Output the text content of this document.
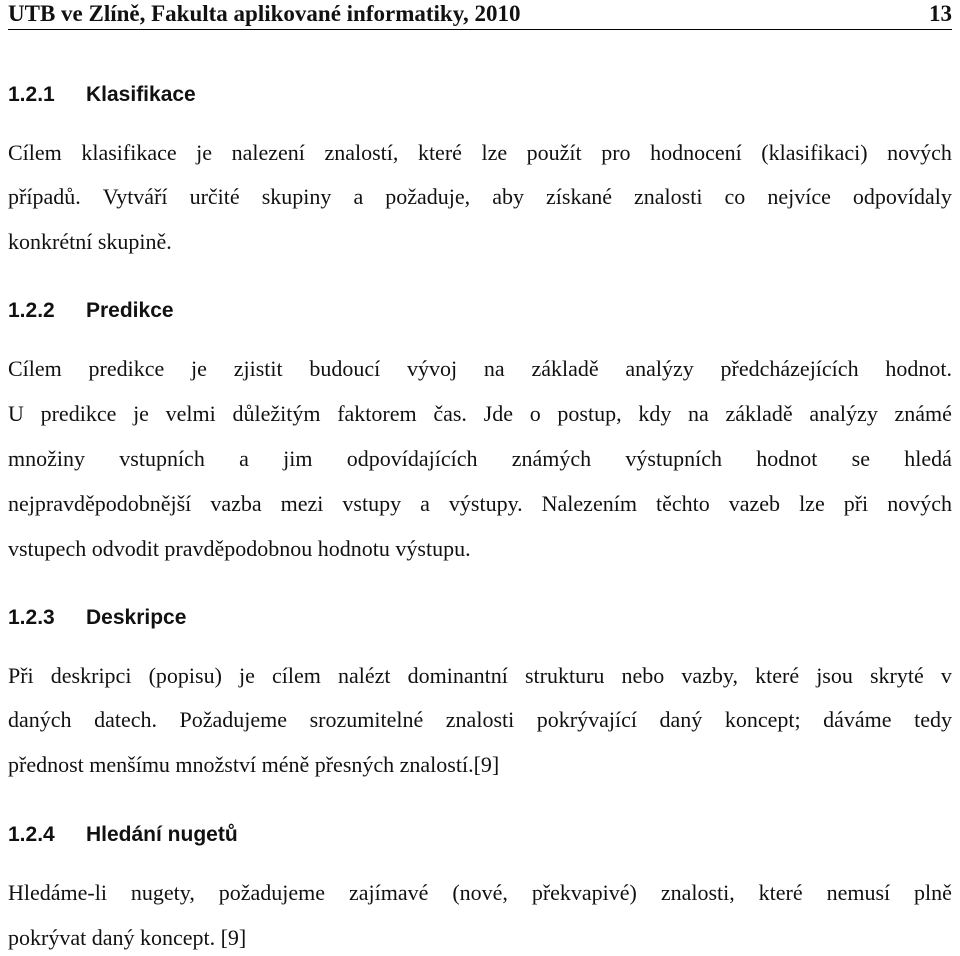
UTB ve Zlíně, Fakulta aplikované informatiky, 2010	13
1.2.1 Klasifikace
Cílem klasifikace je nalezení znalostí, které lze použít pro hodnocení (klasifikaci) nových
případů. Vytváří určité skupiny a požaduje, aby získané znalosti co nejvíce odpovídaly
konkrétní skupině.
1.2.2 Predikce
Cílem predikce je zjistit budoucí vývoj na základě analýzy předcházejících hodnot.
U predikce je velmi důležitým faktorem čas. Jde o postup, kdy na základě analýzy známé
množiny vstupních a jim odpovídajících známých výstupních hodnot se hledá
nejpravděpodobnější vazba mezi vstupy a výstupy. Nalezením těchto vazeb lze při nových
vstupech odvodit pravděpodobnou hodnotu výstupu.
1.2.3 Deskripce
Při deskripci (popisu) je cílem nalézt dominantní strukturu nebo vazby, které jsou skryté v
daných datech. Požadujeme srozumitelné znalosti pokrývající daný koncept; dáváme tedy
přednost menšímu množství méně přesných znalostí.[9]
1.2.4 Hledání nugetů
Hledáme-li nugety, požadujeme zajímavé (nové, překvapivé) znalosti, které nemusí plně
pokrývat daný koncept. [9]
